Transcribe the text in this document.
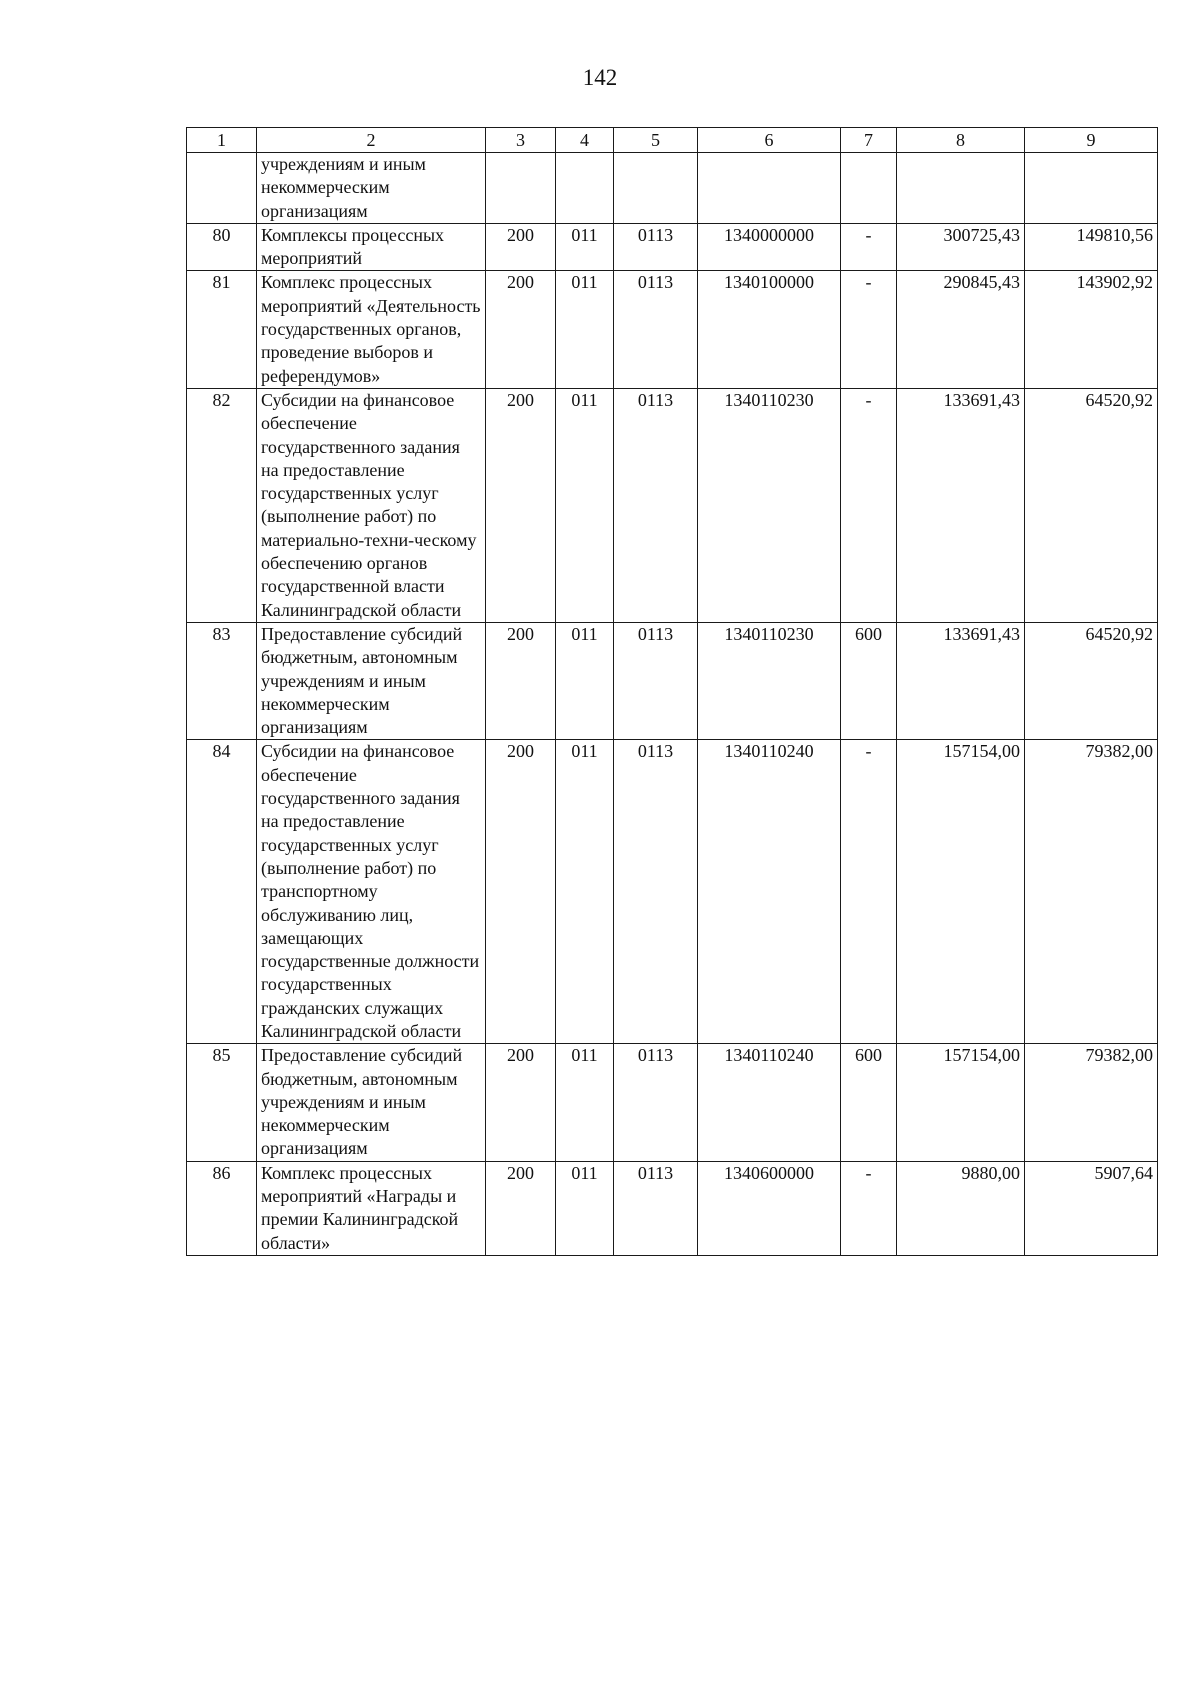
142
1	2	3	4	5	6	7	8	9
	учреждениям и иным некоммерческим организациям							
80	Комплексы процессных мероприятий	200	011	0113	1340000000	-	300725,43	149810,56
81	Комплекс процессных мероприятий «Деятельность государственных органов, проведение выборов и референдумов»	200	011	0113	1340100000	-	290845,43	143902,92
82	Субсидии на финансовое обеспечение государственного задания на предоставление государственных услуг (выполнение работ) по материально-техни-ческому обеспечению органов государственной власти Калининградской области	200	011	0113	1340110230	-	133691,43	64520,92
83	Предоставление субсидий бюджетным, автономным учреждениям и иным некоммерческим организациям	200	011	0113	1340110230	600	133691,43	64520,92
84	Субсидии на финансовое обеспечение государственного задания на предоставление государственных услуг (выполнение работ) по транспортному обслуживанию лиц, замещающих государственные должности государственных гражданских служащих Калининградской области	200	011	0113	1340110240	-	157154,00	79382,00
85	Предоставление субсидий бюджетным, автономным учреждениям и иным некоммерческим организациям	200	011	0113	1340110240	600	157154,00	79382,00
86	Комплекс процессных мероприятий «Награды и премии Калининградской области»	200	011	0113	1340600000	-	9880,00	5907,64
